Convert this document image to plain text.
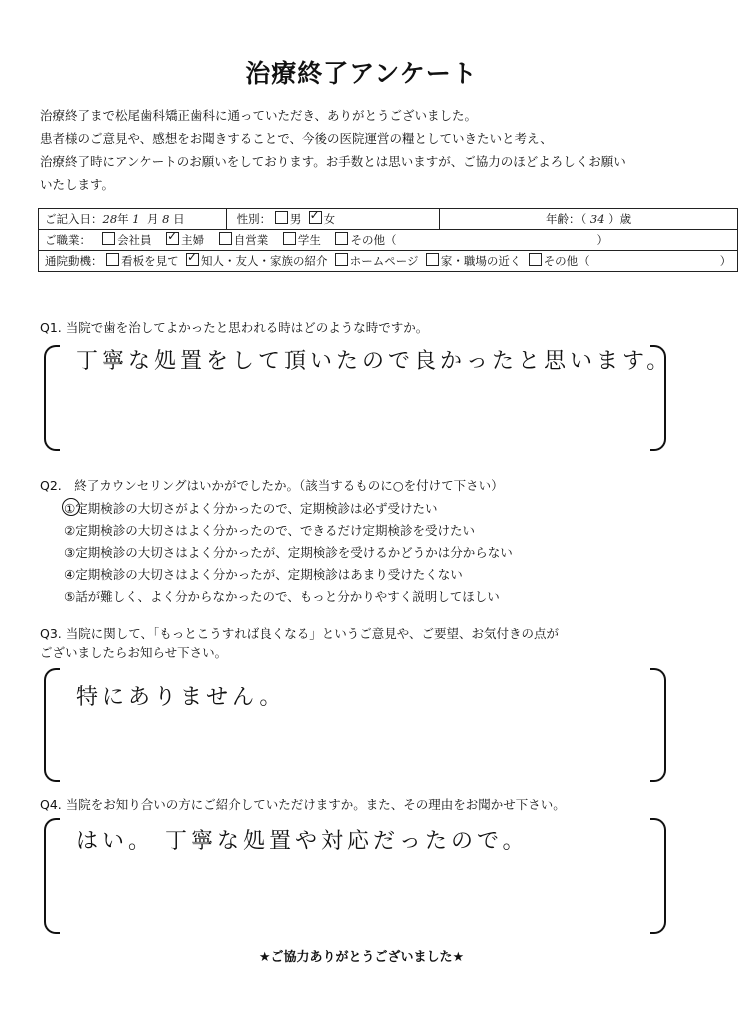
治療終了アンケート
治療終了まで松尾歯科矯正歯科に通っていただき、ありがとうございました。
患者様のご意見や、感想をお聞きすることで、今後の医院運営の糧としていきたいと考え、
治療終了時にアンケートのお願いをしております。お手数とは思いますが、ご協力のほどよろしくお願い
いたします。
ご記入日：28年 1 月 8 日	性別： 男 ✓ 女	年齢：（ 34 ）歳
ご職業： 会社員 ✓	主婦	自営業	学生	その他（	）
通院動機： 看板を見て ✓ 知人・友人・家族の紹介 ホームページ 家・職場の近く その他（	）
Q1. 当院で歯を治してよかったと思われる時はどのような時ですか。
丁寧な処置をして頂いたので良かったと思います。
Q2.　終了カウンセリングはいかがでしたか。（該当するものに○を付けて下さい）
①定期検診の大切さがよく分かったので、定期検診は必ず受けたい
②定期検診の大切さはよく分かったので、できるだけ定期検診を受けたい
③定期検診の大切さはよく分かったが、定期検診を受けるかどうかは分からない
④定期検診の大切さはよく分かったが、定期検診はあまり受けたくない
⑤話が難しく、よく分からなかったので、もっと分かりやすく説明してほしい
Q3. 当院に関して、「もっとこうすれば良くなる」というご意見や、ご要望、お気付きの点が
ございましたらお知らせ下さい。
特にありません。
Q4. 当院をお知り合いの方にご紹介していただけますか。また、その理由をお聞かせ下さい。
はい。 丁寧な処置や対応だったので。
★ご協力ありがとうございました★
